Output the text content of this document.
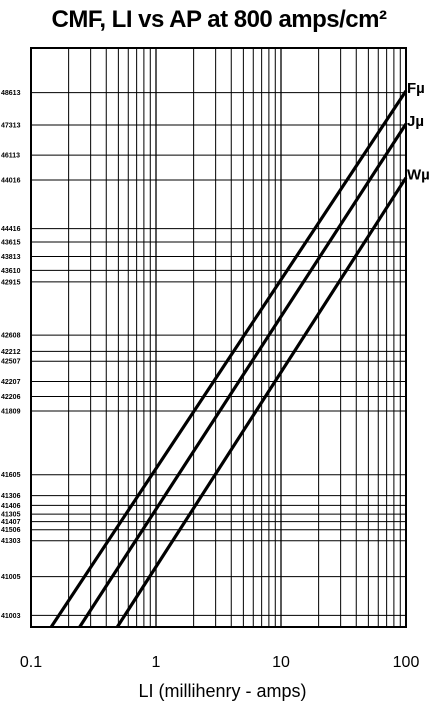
CMF, LI vs AP at 800 amps/cm²
48613
47313
46113
44016
44416
43615
43813
43610
42915
42608
42212
42507
42207
42206
41809
41605
41306
41406
41305
41407
41506
41303
41005
41003
0.1	1	10	100
Fµ
Jµ
Wµ
LI (millihenry - amps)
